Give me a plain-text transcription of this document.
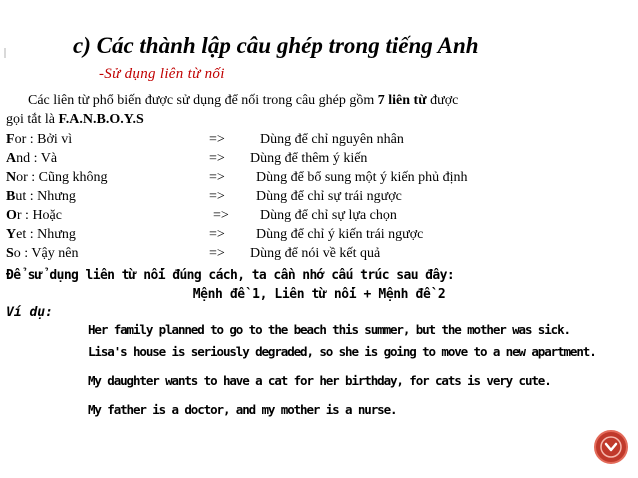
c) Các thành lập câu ghép trong tiếng Anh
-Sử dụng liên từ nối
Các liên từ phổ biến được sử dụng để nối trong câu ghép gồm 7 liên từ được
gọi tắt là F.A.N.B.O.Y.S
For : Bởi vì	=>	Dùng để chỉ nguyên nhân
And : Và	=> Dùng để thêm ý kiến
Nor : Cũng không	=> Dùng để bổ sung một ý kiến phủ định
But : Nhưng	=> Dùng để chỉ sự trái ngược
Or : Hoặc	=> Dùng để chỉ sự lựa chọn
Yet : Nhưng	=> Dùng để chỉ ý kiến trái ngược
So : Vậy nên	=> Dùng để nói về kết quả
Để sử dụng liên từ nối đúng cách, ta cần nhớ cấu trúc sau đây:
Mệnh đề 1, Liên từ nối + Mệnh đề 2
Ví dụ:
Her family planned to go to the beach this summer, but the mother was sick.
Lisa's house is seriously degraded, so she is going to move to a new apartment.
My daughter wants to have a cat for her birthday, for cats is very cute.
My father is a doctor, and my mother is a nurse.
